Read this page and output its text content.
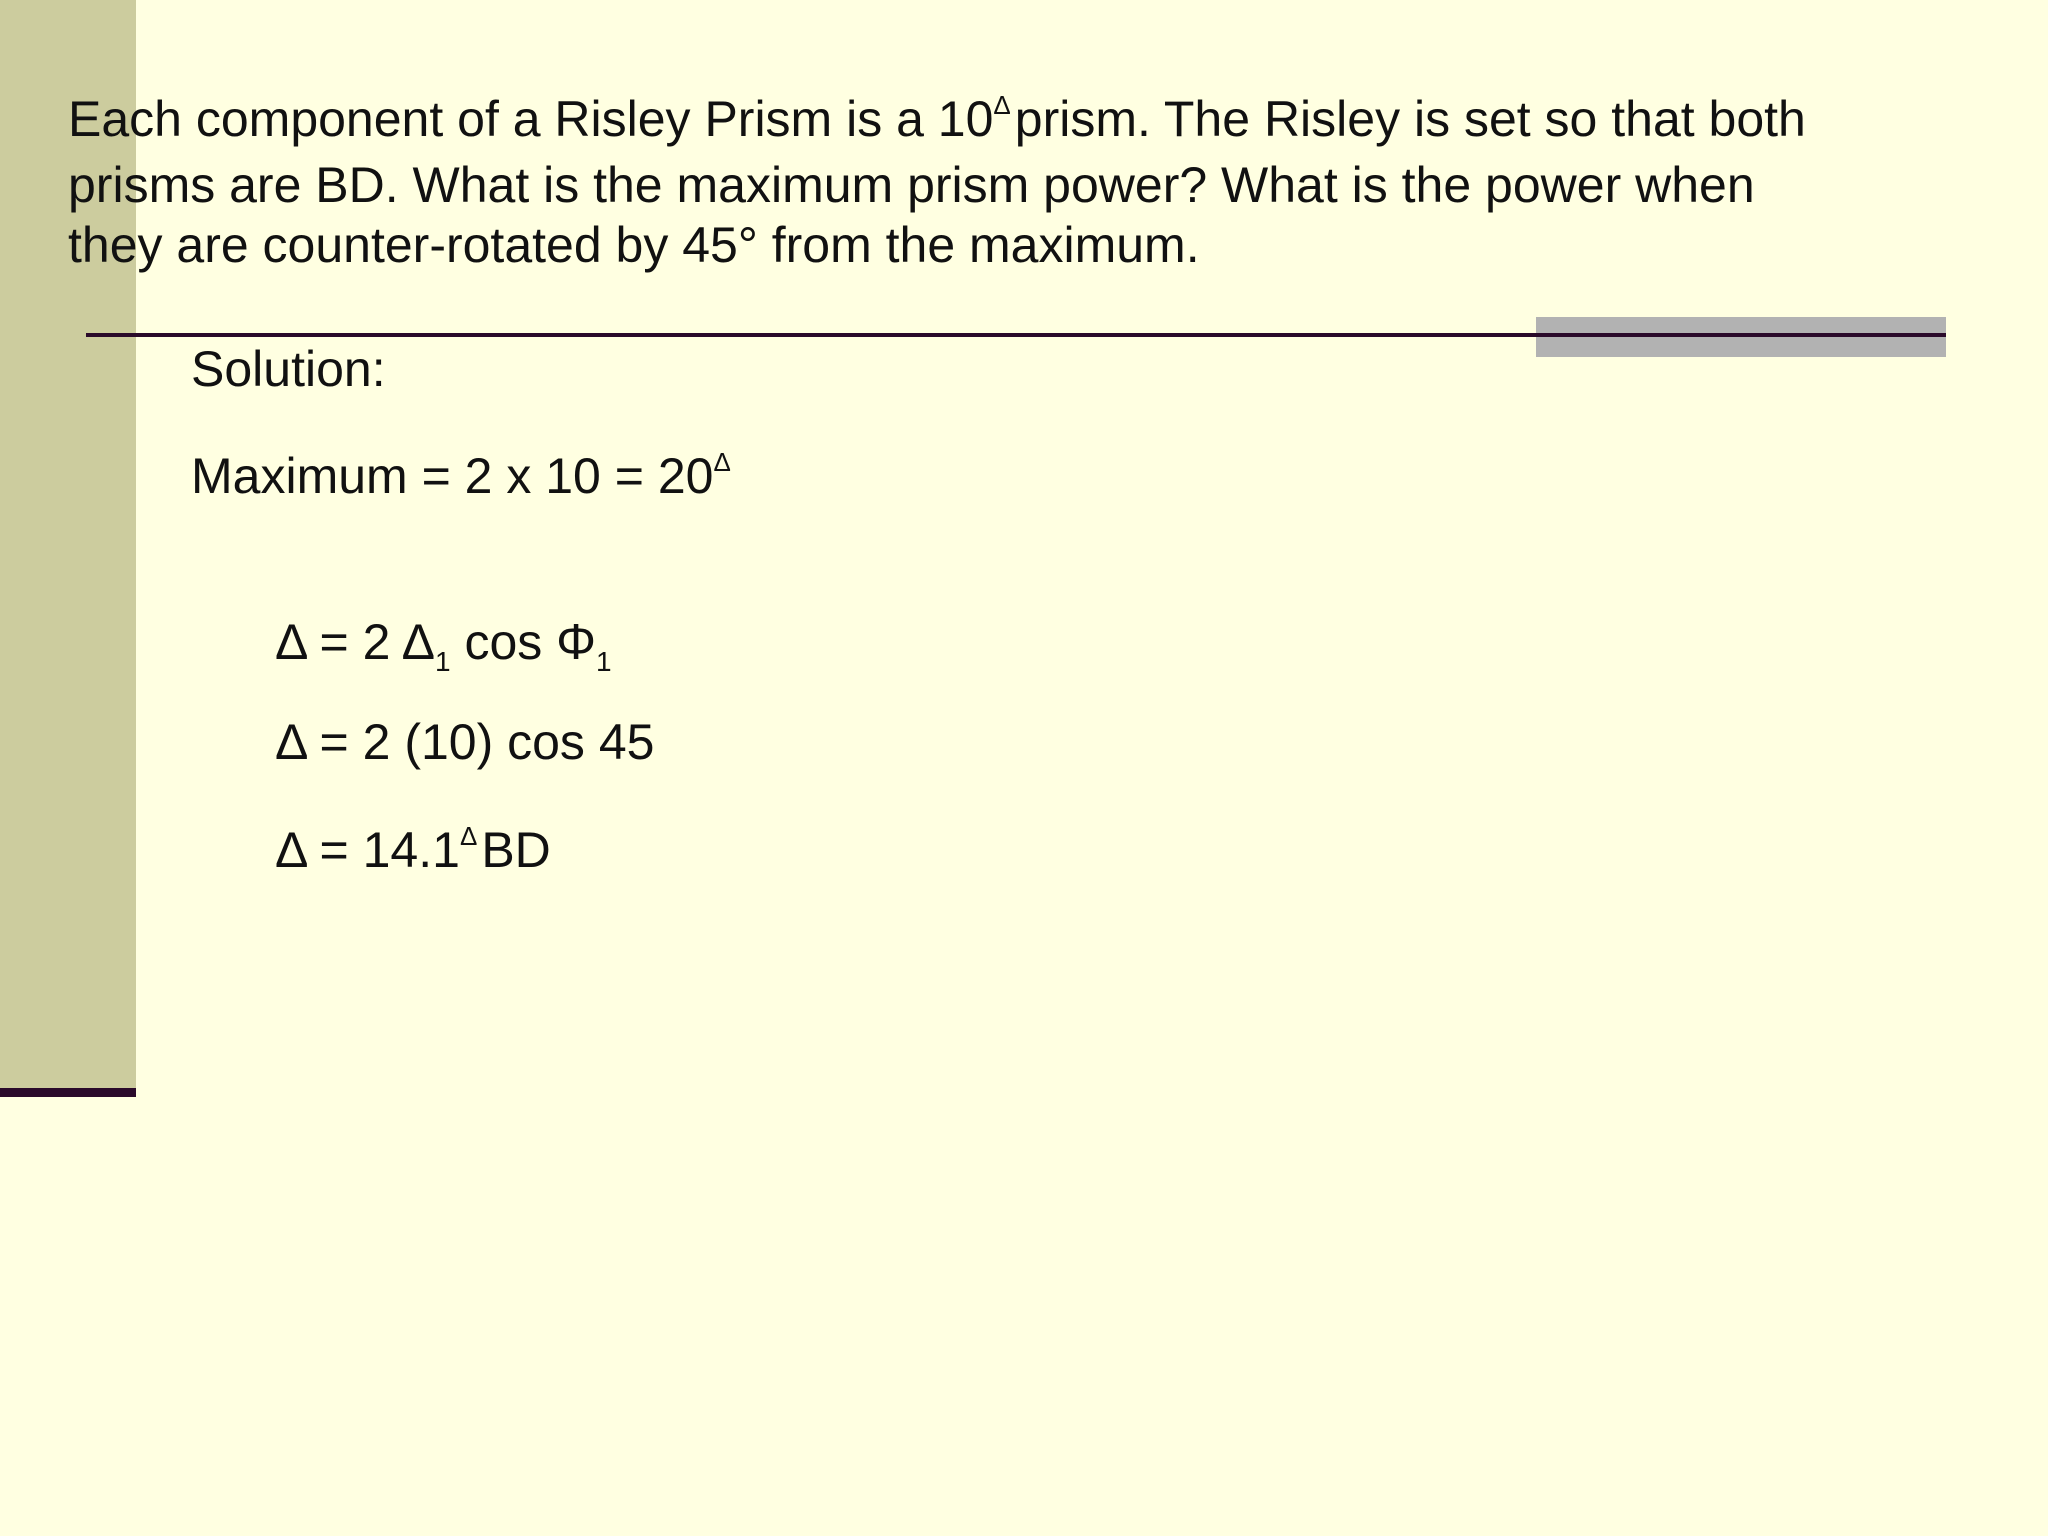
Each component of a Risley Prism is a $10^\Delta prism$. The Risley is set so that both
prisms are BD. What is the maximum prism power? What is the power when
they are counter-rotated by 45° from the maximum.

Solution:

Maximum = 2 x $10 = 20^\Delta$

Δ = 2 $\Delta_1$ $\cos \Phi_1$

Δ = 2 (10) cos 45

$\Delta = 14.1^\Delta BD$
